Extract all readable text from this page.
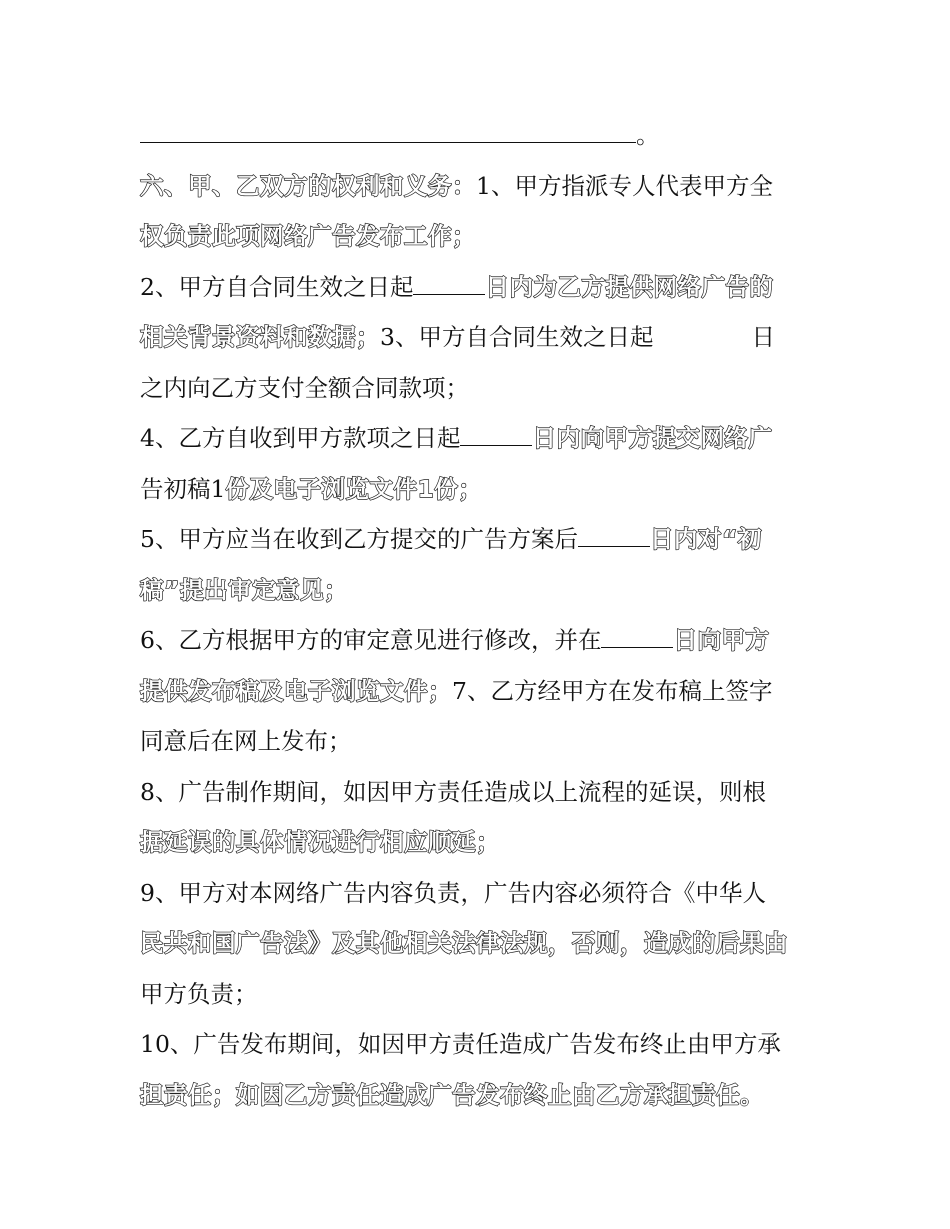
。
六、甲、乙双方的权利和义务：1、甲方指派专人代表甲方全
权负责此项网络广告发布工作；
2、甲方自合同生效之日起	日内为乙方提供网络广告的
相关背景资料和数据；3、甲方自合同生效之日起	日
之内向乙方支付全额合同款项；
4、乙方自收到甲方款项之日起	日内向甲方提交网络广
告初稿1份及电子浏览文件1份；
5、甲方应当在收到乙方提交的广告方案后	日内对“初
稿”提出审定意见；
6、乙方根据甲方的审定意见进行修改，并在	日向甲方
提供发布稿及电子浏览文件；7、乙方经甲方在发布稿上签字
同意后在网上发布；
8、广告制作期间，如因甲方责任造成以上流程的延误，则根
据延误的具体情况进行相应顺延；
9、甲方对本网络广告内容负责，广告内容必须符合《中华人
民共和国广告法》及其他相关法律法规，否则，造成的后果由
甲方负责；
10、广告发布期间，如因甲方责任造成广告发布终止由甲方承
担责任；如因乙方责任造成广告发布终止由乙方承担责任。
